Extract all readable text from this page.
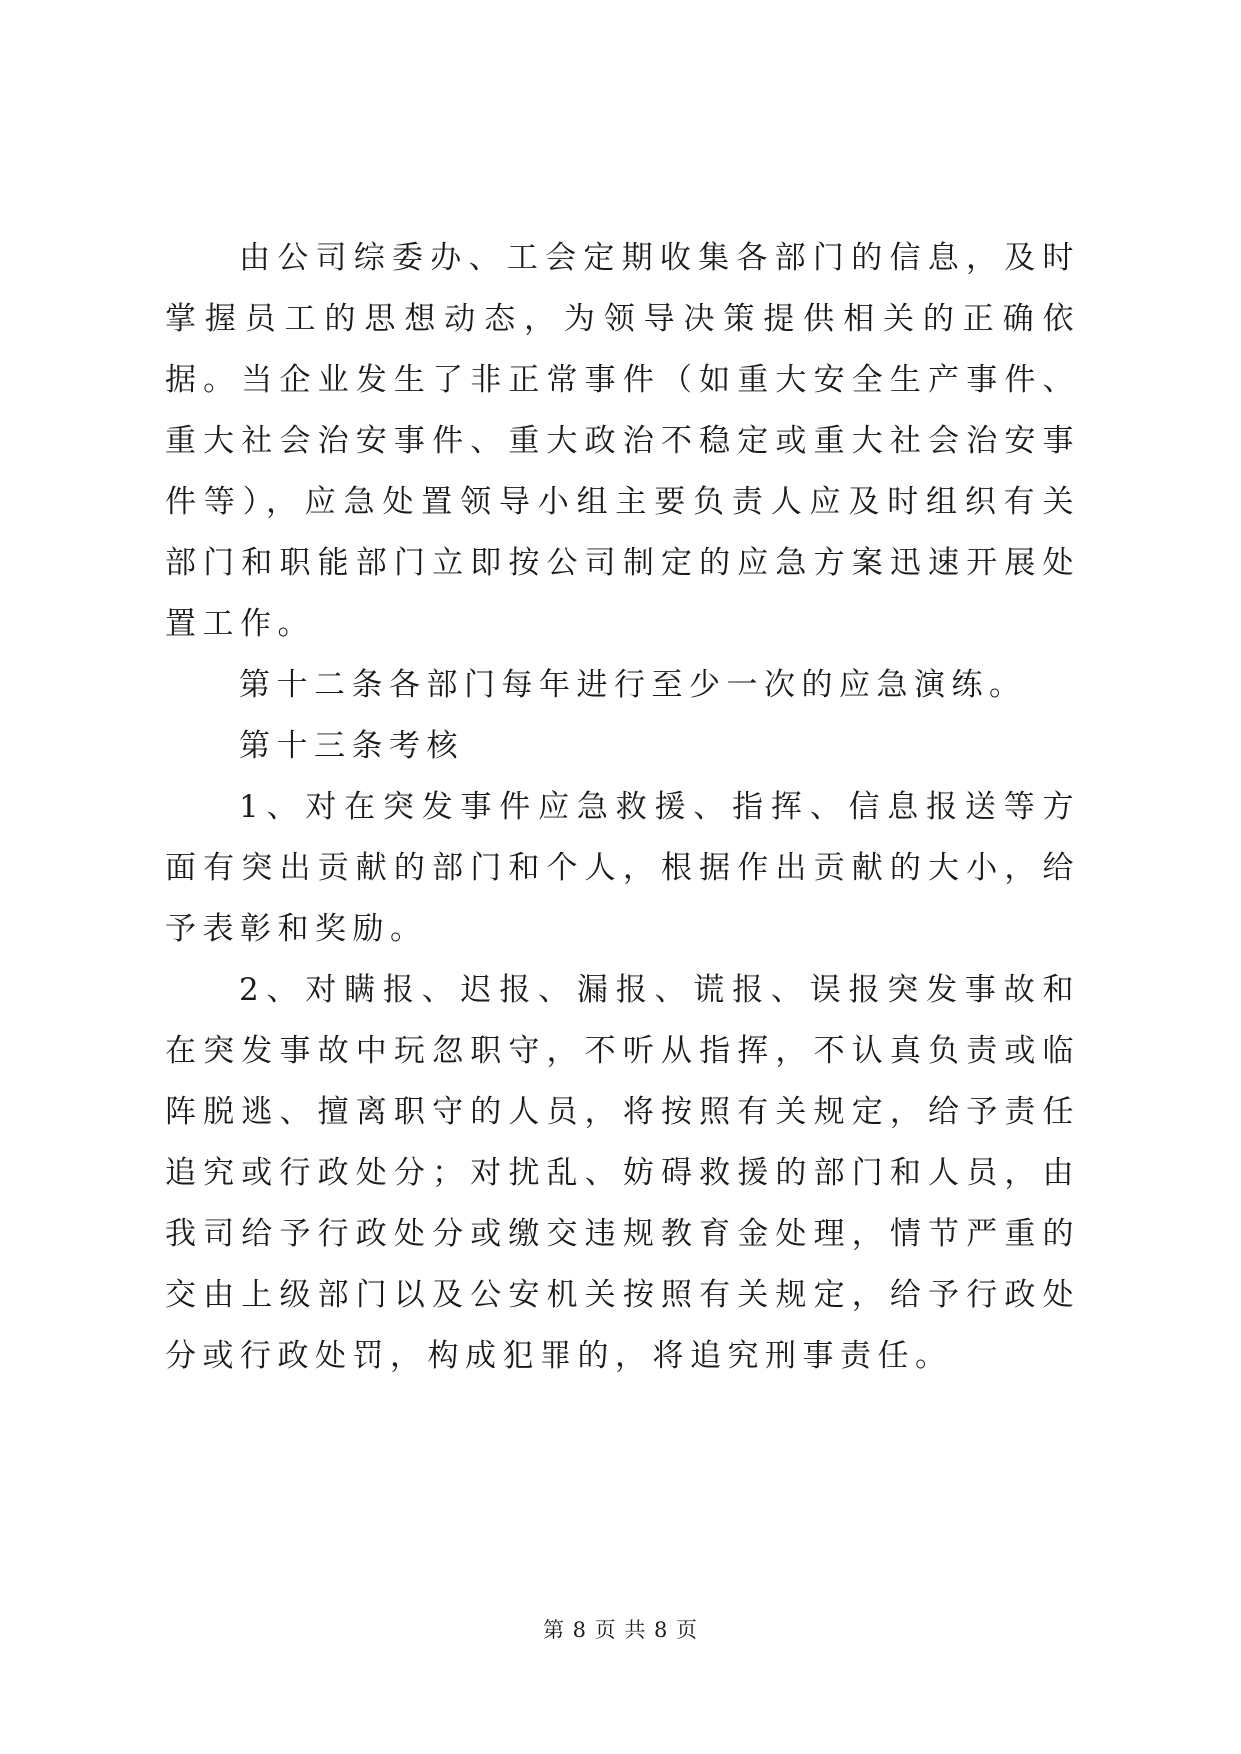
由公司综委办、工会定期收集各部门的信息，及时掌握员工的思想动态，为领导决策提供相关的正确依据。当企业发生了非正常事件（如重大安全生产事件、重大社会治安事件、重大政治不稳定或重大社会治安事件等），应急处置领导小组主要负责人应及时组织有关部门和职能部门立即按公司制定的应急方案迅速开展处置工作。

第十二条各部门每年进行至少一次的应急演练。

第十三条考核

1、对在突发事件应急救援、指挥、信息报送等方面有突出贡献的部门和个人，根据作出贡献的大小，给予表彰和奖励。

2、对瞒报、迟报、漏报、谎报、误报突发事故和在突发事故中玩忽职守，不听从指挥，不认真负责或临阵脱逃、擅离职守的人员，将按照有关规定，给予责任追究或行政处分；对扰乱、妨碍救援的部门和人员，由我司给予行政处分或缴交违规教育金处理，情节严重的交由上级部门以及公安机关按照有关规定，给予行政处分或行政处罚，构成犯罪的，将追究刑事责任。

第 8 页 共 8 页
